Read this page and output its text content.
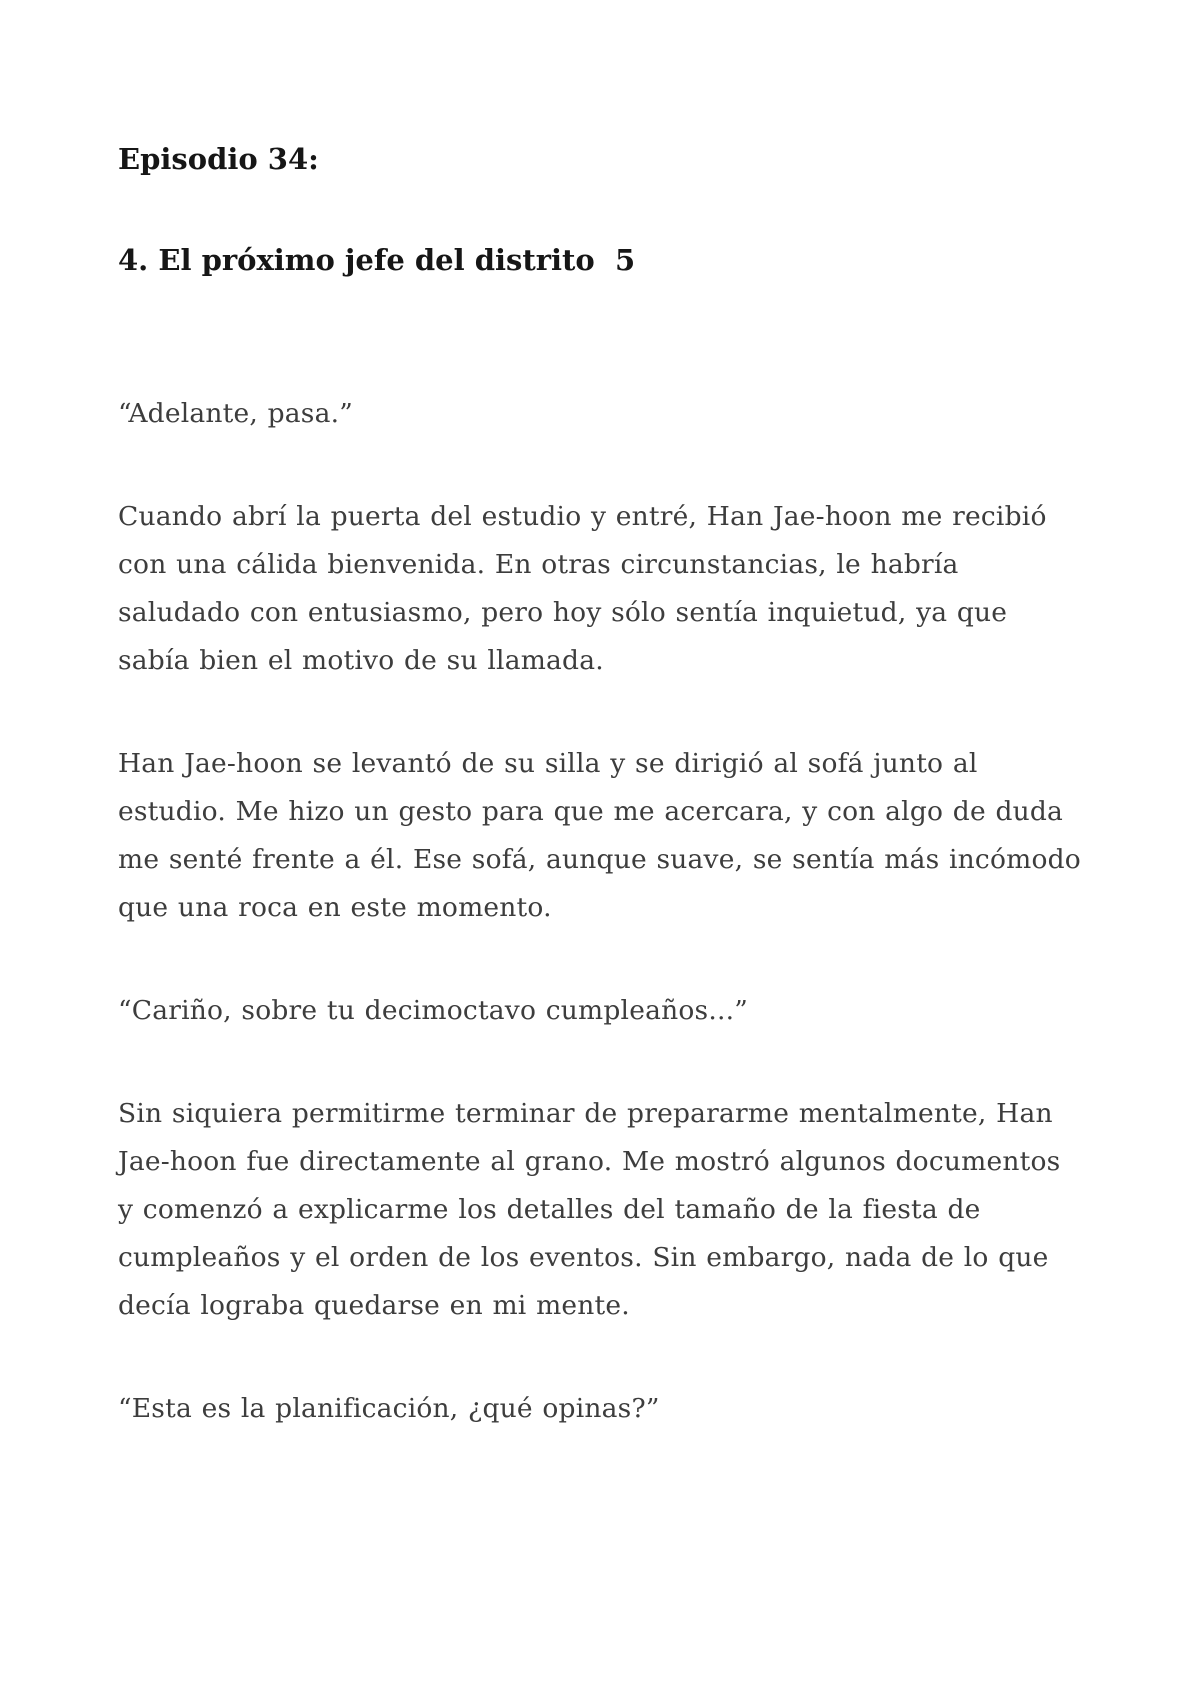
Episodio 34:
4. El próximo jefe del distrito  5

“Adelante, pasa.”

Cuando abrí la puerta del estudio y entré, Han Jae-hoon me recibió con una cálida bienvenida. En otras circunstancias, le habría saludado con entusiasmo, pero hoy sólo sentía inquietud, ya que sabía bien el motivo de su llamada.

Han Jae-hoon se levantó de su silla y se dirigió al sofá junto al estudio. Me hizo un gesto para que me acercara, y con algo de duda me senté frente a él. Ese sofá, aunque suave, se sentía más incómodo que una roca en este momento.

“Cariño, sobre tu decimoctavo cumpleaños...”

Sin siquiera permitirme terminar de prepararme mentalmente, Han Jae-hoon fue directamente al grano. Me mostró algunos documentos y comenzó a explicarme los detalles del tamaño de la fiesta de cumpleaños y el orden de los eventos. Sin embargo, nada de lo que decía lograba quedarse en mi mente.

“Esta es la planificación, ¿qué opinas?”
